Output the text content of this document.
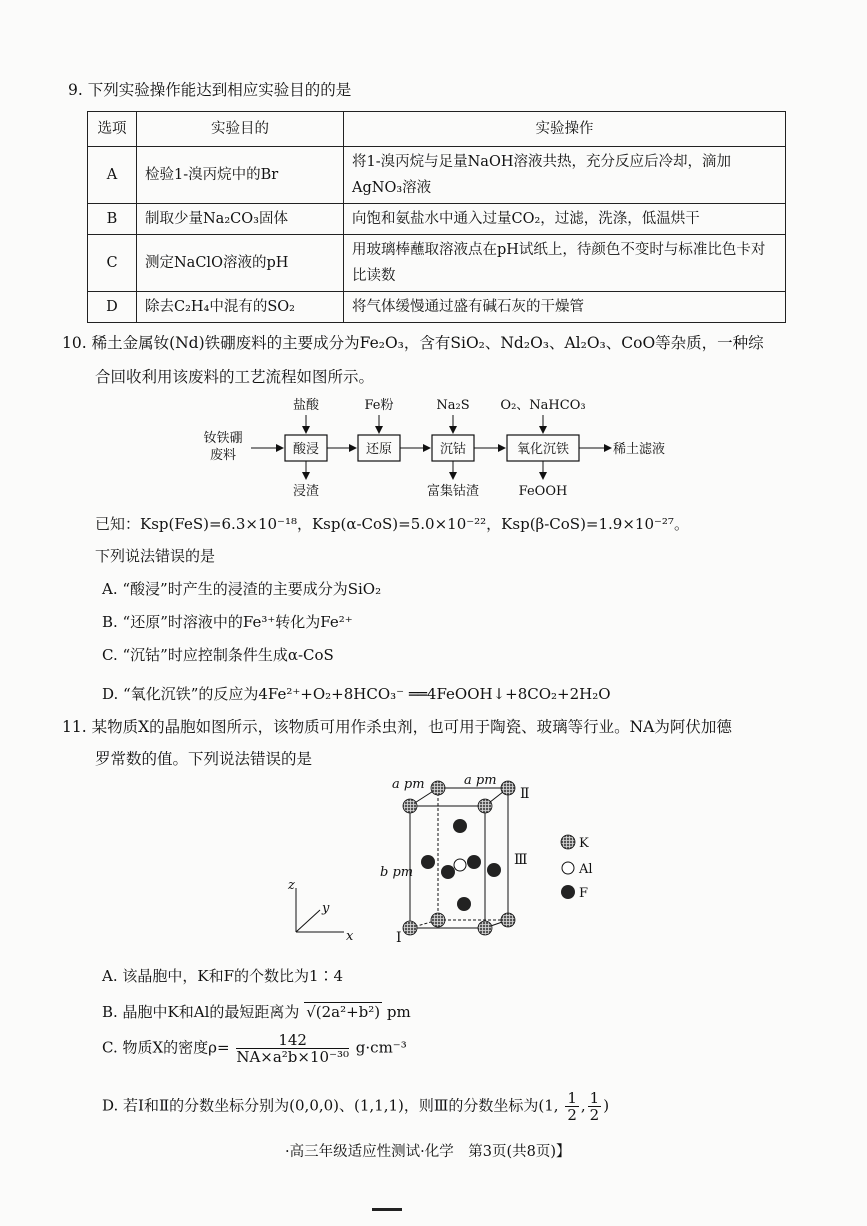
9. 下列实验操作能达到相应实验目的的是
选项	实验目的	实验操作
A	检验1-溴丙烷中的Br	将1-溴丙烷与足量NaOH溶液共热，充分反应后冷却，滴加AgNO₃溶液
B	制取少量Na₂CO₃固体	向饱和氨盐水中通入过量CO₂，过滤，洗涤，低温烘干
C	测定NaClO溶液的pH	用玻璃棒蘸取溶液点在pH试纸上，待颜色不变时与标准比色卡对比读数
D	除去C₂H₄中混有的SO₂	将气体缓慢通过盛有碱石灰的干燥管
10. 稀土金属钕(Nd)铁硼废料的主要成分为Fe₂O₃，含有SiO₂、Nd₂O₃、Al₂O₃、CoO等杂质，一种综
合回收利用该废料的工艺流程如图所示。
钕铁硼
废料	酸浸	还原	沉钴	氧化沉铁	稀土滤液
盐酸	Fe粉	Na₂S O₂、NaHCO₃
浸渣	富集钴渣	FeOOH
已知：Ksp(FeS)=6.3×10⁻¹⁸，Ksp(α-CoS)=5.0×10⁻²²，Ksp(β-CoS)=1.9×10⁻²⁷。
下列说法错误的是
A. “酸浸”时产生的浸渣的主要成分为SiO₂
B. “还原”时溶液中的Fe³⁺转化为Fe²⁺
C. “沉钴”时应控制条件生成α-CoS
D. “氧化沉铁”的反应为4Fe²⁺+O₂+8HCO₃⁻ ══4FeOOH↓+8CO₂+2H₂O
11. 某物质X的晶胞如图所示，该物质可用作杀虫剂，也可用于陶瓷、玻璃等行业。NA为阿伏加德
罗常数的值。下列说法错误的是
a pm	a pm
b pm
z
y
x	Ⅰ
Ⅱ
Ⅲ
K
Al
F
A. 该晶胞中，K和F的个数比为1∶4
B. 晶胞中K和Al的最短距离为 √(2a²+b²) pm
C. 物质X的密度$\rho= \frac{142}{\text{NA×a²b×10⁻³⁰}} g\cdot cm^{-3}$
D. 若Ⅰ和Ⅱ的分数坐标分别为(0,0,0)、(1,1,1)，则Ⅲ的分数坐标为(1, $\frac{1}{2}$ , $\frac{1}{2}$ )
·高三年级适应性测试·化学　第3页(共8页)】
